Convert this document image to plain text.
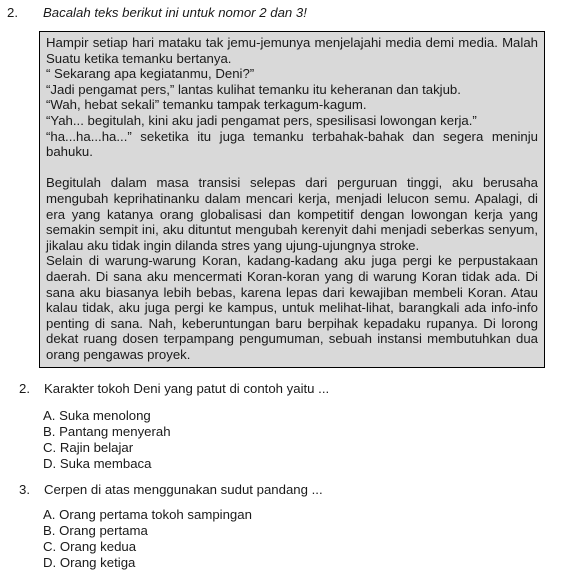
2. Bacalah teks berikut ini untuk nomor 2 dan 3!
Hampir setiap hari mataku tak jemu-jemunya menjelajahi media demi media. Malah Suatu ketika temanku bertanya.
“ Sekarang apa kegiatanmu, Deni?”
“Jadi pengamat pers,” lantas kulihat temanku itu keheranan dan takjub.
“Wah, hebat sekali” temanku tampak terkagum-kagum.
“Yah... begitulah, kini aku jadi pengamat pers, spesilisasi lowongan kerja.”
“ha...ha...ha...” seketika itu juga temanku terbahak-bahak dan segera meninju bahuku.
Begitulah dalam masa transisi selepas dari perguruan tinggi, aku berusaha mengubah keprihatinanku dalam mencari kerja, menjadi lelucon semu. Apalagi, di era yang katanya orang globalisasi dan kompetitif dengan lowongan kerja yang semakin sempit ini, aku dituntut mengubah kerenyit dahi menjadi seberkas senyum, jikalau aku tidak ingin dilanda stres yang ujung-ujungnya stroke.
Selain di warung-warung Koran, kadang-kadang aku juga pergi ke perpustakaan daerah. Di sana aku mencermati Koran-koran yang di warung Koran tidak ada. Di sana aku biasanya lebih bebas, karena lepas dari kewajiban membeli Koran. Atau kalau tidak, aku juga pergi ke kampus, untuk melihat-lihat, barangkali ada info-info penting di sana. Nah, keberuntungan baru berpihak kepadaku rupanya. Di lorong dekat ruang dosen terpampang pengumuman, sebuah instansi membutuhkan dua orang pengawas proyek.
2. Karakter tokoh Deni yang patut di contoh yaitu ...
A. Suka menolong
B. Pantang menyerah
C. Rajin belajar
D. Suka membaca
3. Cerpen di atas menggunakan sudut pandang ...
A. Orang pertama tokoh sampingan
B. Orang pertama
C. Orang kedua
D. Orang ketiga
